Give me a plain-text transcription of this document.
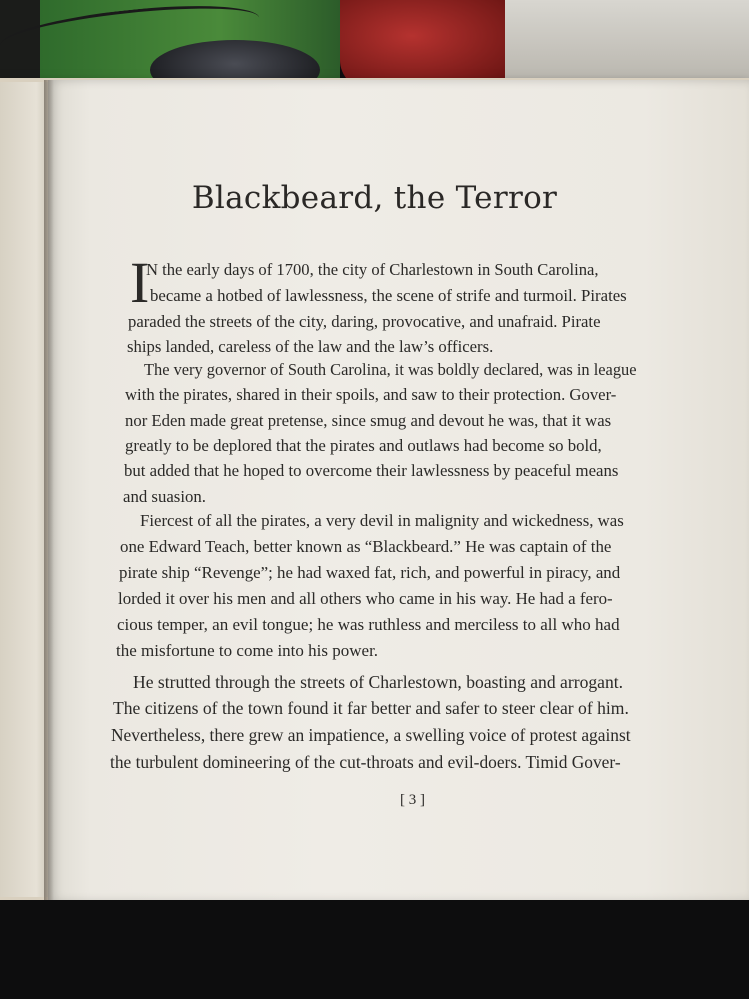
Blackbeard, the Terror
I
N the early days of 1700, the city of Charlestown in South Carolina,
became a hotbed of lawlessness, the scene of strife and turmoil. Pirates
paraded the streets of the city, daring, provocative, and unafraid. Pirate
ships landed, careless of the law and the law’s officers.
The very governor of South Carolina, it was boldly declared, was in league
with the pirates, shared in their spoils, and saw to their protection. Gover-
nor Eden made great pretense, since smug and devout he was, that it was
greatly to be deplored that the pirates and outlaws had become so bold,
but added that he hoped to overcome their lawlessness by peaceful means
and suasion.
Fiercest of all the pirates, a very devil in malignity and wickedness, was
one Edward Teach, better known as “Blackbeard.” He was captain of the
pirate ship “Revenge”; he had waxed fat, rich, and powerful in piracy, and
lorded it over his men and all others who came in his way. He had a fero-
cious temper, an evil tongue; he was ruthless and merciless to all who had
the misfortune to come into his power.
He strutted through the streets of Charlestown, boasting and arrogant.
The citizens of the town found it far better and safer to steer clear of him.
Nevertheless, there grew an impatience, a swelling voice of protest against
the turbulent domineering of the cut-throats and evil-doers. Timid Gover-
[ 3 ]
